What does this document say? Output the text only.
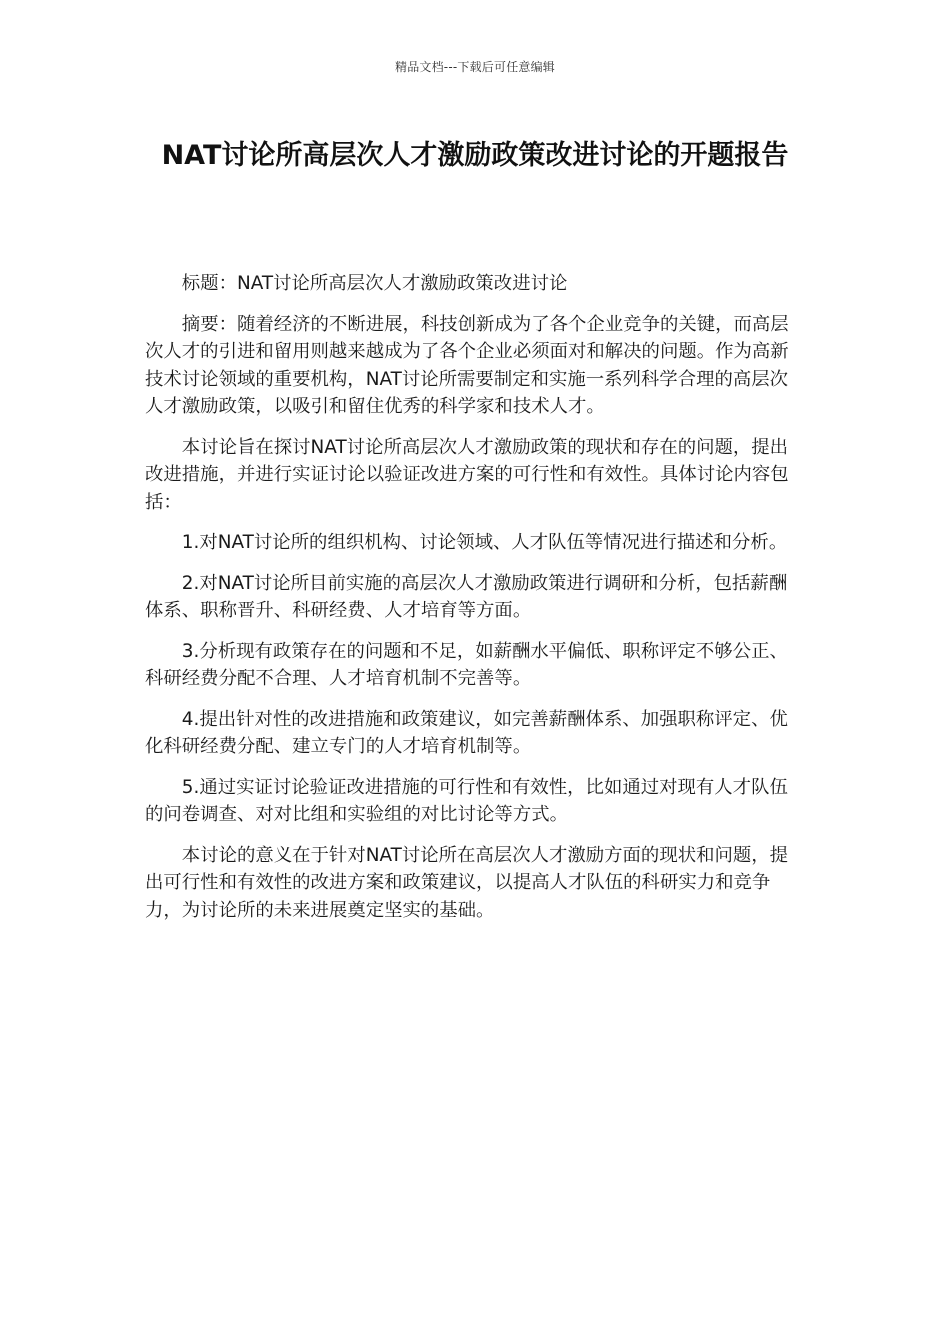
精品文档---下载后可任意编辑
NAT讨论所高层次人才激励政策改进讨论的开题报告

标题：NAT讨论所高层次人才激励政策改进讨论

摘要：随着经济的不断进展，科技创新成为了各个企业竞争的关键，而高层次人才的引进和留用则越来越成为了各个企业必须面对和解决的问题。作为高新技术讨论领域的重要机构，NAT讨论所需要制定和实施一系列科学合理的高层次人才激励政策，以吸引和留住优秀的科学家和技术人才。

本讨论旨在探讨NAT讨论所高层次人才激励政策的现状和存在的问题，提出改进措施，并进行实证讨论以验证改进方案的可行性和有效性。具体讨论内容包括：

1.对NAT讨论所的组织机构、讨论领域、人才队伍等情况进行描述和分析。

2.对NAT讨论所目前实施的高层次人才激励政策进行调研和分析，包括薪酬体系、职称晋升、科研经费、人才培育等方面。

3.分析现有政策存在的问题和不足，如薪酬水平偏低、职称评定不够公正、科研经费分配不合理、人才培育机制不完善等。

4.提出针对性的改进措施和政策建议，如完善薪酬体系、加强职称评定、优化科研经费分配、建立专门的人才培育机制等。

5.通过实证讨论验证改进措施的可行性和有效性，比如通过对现有人才队伍的问卷调查、对对比组和实验组的对比讨论等方式。

本讨论的意义在于针对NAT讨论所在高层次人才激励方面的现状和问题，提出可行性和有效性的改进方案和政策建议，以提高人才队伍的科研实力和竞争力，为讨论所的未来进展奠定坚实的基础。
